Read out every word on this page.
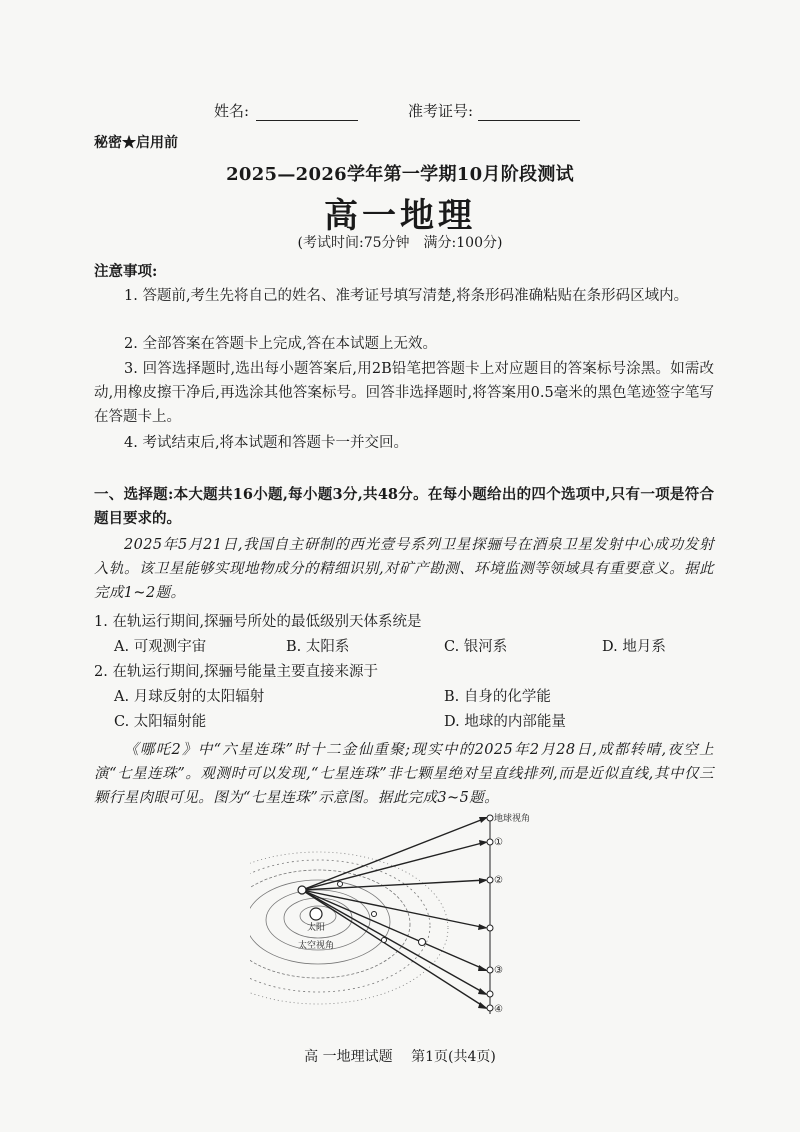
姓名:	准考证号:
秘密★启用前
2025—2026学年第一学期10月阶段测试
高一地理
(考试时间:75分钟　满分:100分)
注意事项:
1. 答题前,考生先将自己的姓名、准考证号填写清楚,将条形码准确粘贴在条形码区域内。
2. 全部答案在答题卡上完成,答在本试题上无效。
3. 回答选择题时,选出每小题答案后,用2B铅笔把答题卡上对应题目的答案标号涂黑。如需改动,用橡皮擦干净后,再选涂其他答案标号。回答非选择题时,将答案用0.5毫米的黑色笔迹签字笔写在答题卡上。
4. 考试结束后,将本试题和答题卡一并交回。
一、选择题:本大题共16小题,每小题3分,共48分。在每小题给出的四个选项中,只有一项是符合题目要求的。
2025年5月21日,我国自主研制的西光壹号系列卫星探骊号在酒泉卫星发射中心成功发射入轨。该卫星能够实现地物成分的精细识别,对矿产勘测、环境监测等领域具有重要意义。据此完成1~2题。
1. 在轨运行期间,探骊号所处的最低级别天体系统是
A. 可观测宇宙	B. 太阳系	C. 银河系	D. 地月系
2. 在轨运行期间,探骊号能量主要直接来源于
A. 月球反射的太阳辐射	B. 自身的化学能
C. 太阳辐射能	D. 地球的内部能量
《哪吒2》中“六星连珠”时十二金仙重聚;现实中的2025年2月28日,成都转晴,夜空上演“七星连珠”。观测时可以发现,“七星连珠”非七颗星绝对呈直线排列,而是近似直线,其中仅三颗行星肉眼可见。图为“七星连珠”示意图。据此完成3~5题。
太阳
太空视角
地球视角
①
②
③
④
高 一地理试题　 第1页(共4页)
